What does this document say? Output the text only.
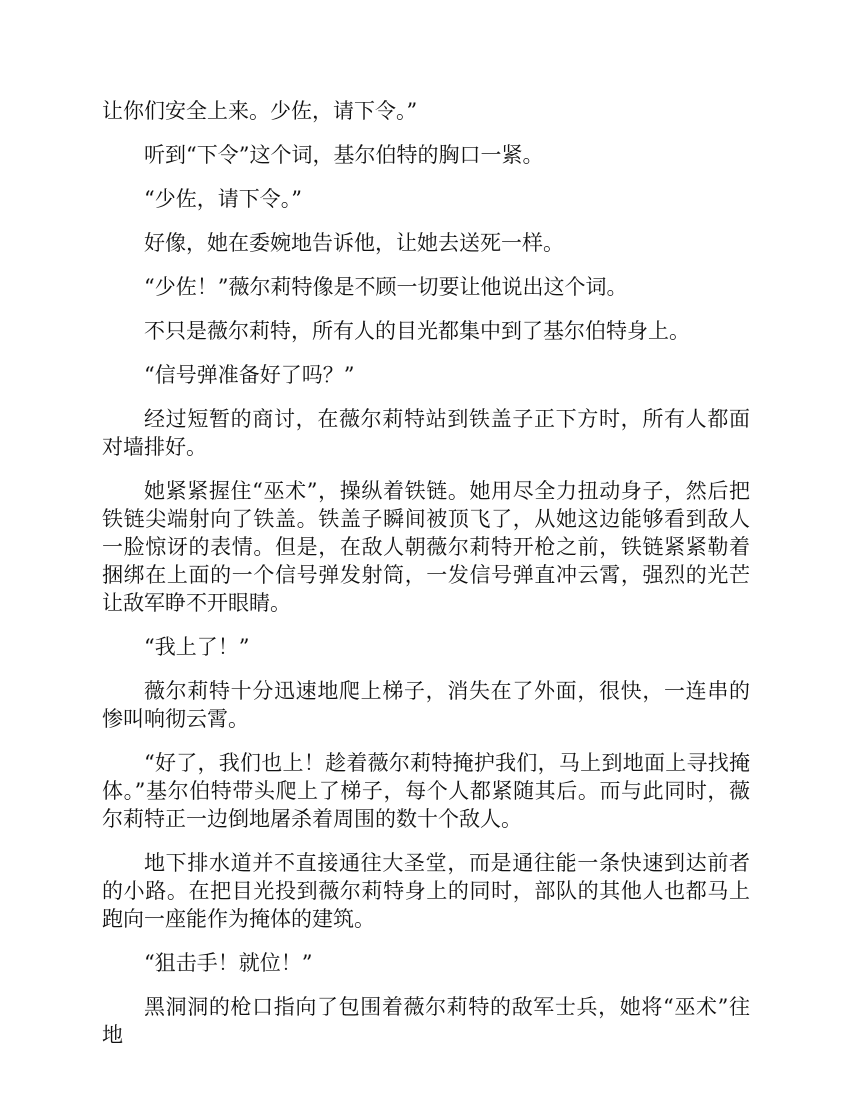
让你们安全上来。少佐，请下令。”

听到“下令”这个词，基尔伯特的胸口一紧。

“少佐，请下令。”

好像，她在委婉地告诉他，让她去送死一样。

“少佐！”薇尔莉特像是不顾一切要让他说出这个词。

不只是薇尔莉特，所有人的目光都集中到了基尔伯特身上。

“信号弹准备好了吗？”

经过短暂的商讨，在薇尔莉特站到铁盖子正下方时，所有人都面对墙排好。

她紧紧握住“巫术”，操纵着铁链。她用尽全力扭动身子，然后把铁链尖端射向了铁盖。铁盖子瞬间被顶飞了，从她这边能够看到敌人一脸惊讶的表情。但是，在敌人朝薇尔莉特开枪之前，铁链紧紧勒着捆绑在上面的一个信号弹发射筒，一发信号弹直冲云霄，强烈的光芒让敌军睁不开眼睛。

“我上了！”

薇尔莉特十分迅速地爬上梯子，消失在了外面，很快，一连串的惨叫响彻云霄。

“好了，我们也上！趁着薇尔莉特掩护我们，马上到地面上寻找掩体。”基尔伯特带头爬上了梯子，每个人都紧随其后。而与此同时，薇尔莉特正一边倒地屠杀着周围的数十个敌人。

地下排水道并不直接通往大圣堂，而是通往能一条快速到达前者的小路。在把目光投到薇尔莉特身上的同时，部队的其他人也都马上跑向一座能作为掩体的建筑。

“狙击手！就位！”

黑洞洞的枪口指向了包围着薇尔莉特的敌军士兵，她将“巫术”往地
